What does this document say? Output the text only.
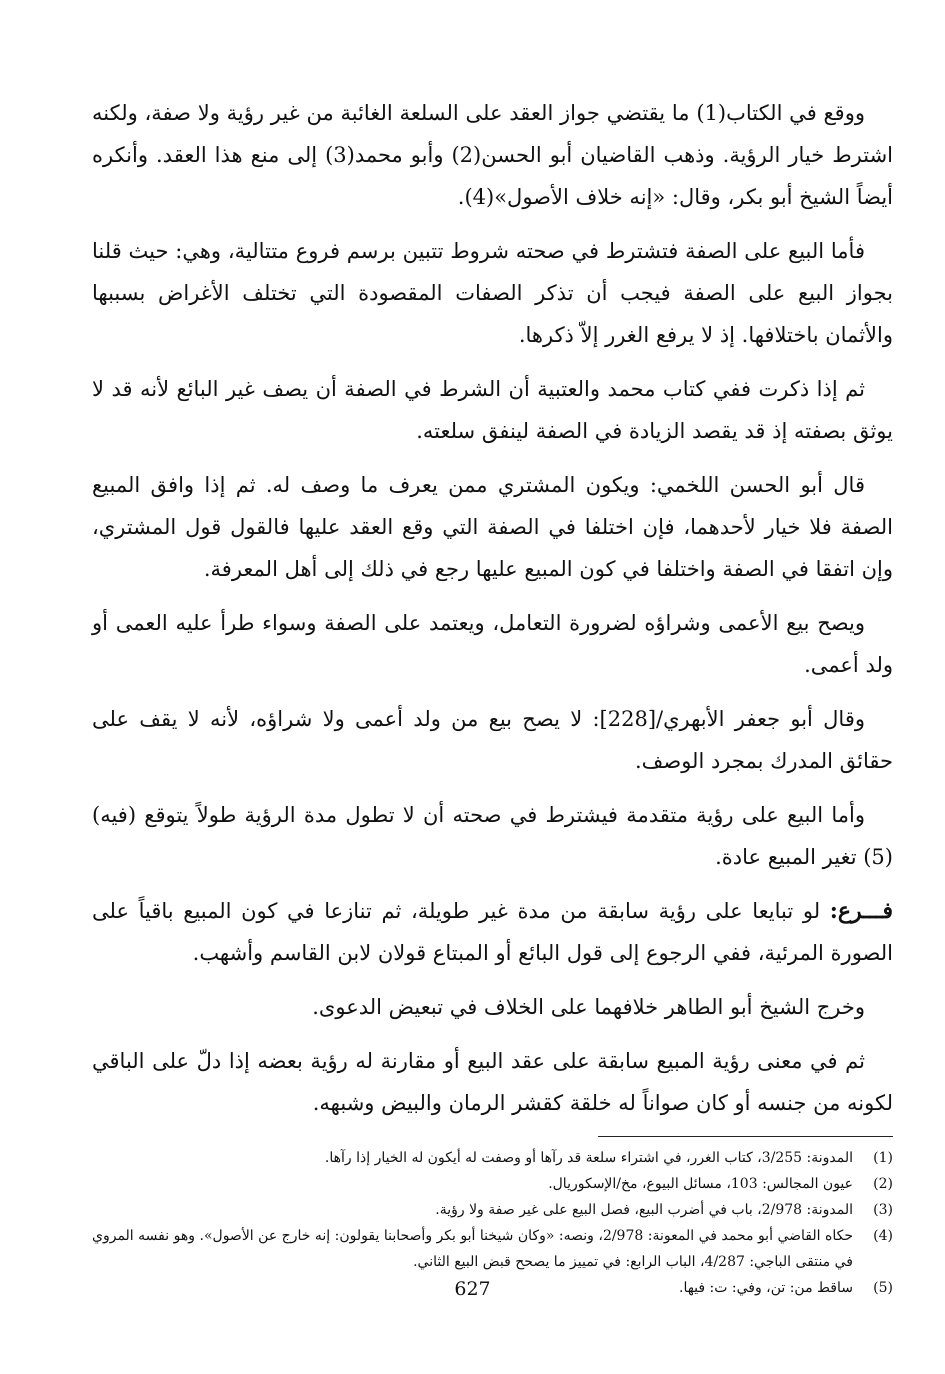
ووقع في الكتاب(1) ما يقتضي جواز العقد على السلعة الغائبة من غير رؤية ولا صفة، ولكنه اشترط خيار الرؤية. وذهب القاضيان أبو الحسن(2) وأبو محمد(3) إلى منع هذا العقد. وأنكره أيضاً الشيخ أبو بكر، وقال: «إنه خلاف الأصول»(4).

فأما البيع على الصفة فتشترط في صحته شروط تتبين برسم فروع متتالية، وهي: حيث قلنا بجواز البيع على الصفة فيجب أن تذكر الصفات المقصودة التي تختلف الأغراض بسببها والأثمان باختلافها. إذ لا يرفع الغرر إلاّ ذكرها.

ثم إذا ذكرت ففي كتاب محمد والعتبية أن الشرط في الصفة أن يصف غير البائع لأنه قد لا يوثق بصفته إذ قد يقصد الزيادة في الصفة لينفق سلعته.

قال أبو الحسن اللخمي: ويكون المشتري ممن يعرف ما وصف له. ثم إذا وافق المبيع الصفة فلا خيار لأحدهما، فإن اختلفا في الصفة التي وقع العقد عليها فالقول قول المشتري، وإن اتفقا في الصفة واختلفا في كون المبيع عليها رجع في ذلك إلى أهل المعرفة.

ويصح بيع الأعمى وشراؤه لضرورة التعامل، ويعتمد على الصفة وسواء طرأ عليه العمى أو ولد أعمى.

وقال أبو جعفر الأبهري/[228]: لا يصح بيع من ولد أعمى ولا شراؤه، لأنه لا يقف على حقائق المدرك بمجرد الوصف.

وأما البيع على رؤية متقدمة فيشترط في صحته أن لا تطول مدة الرؤية طولاً يتوقع (فيه)(5) تغير المبيع عادة.

فـــرع: لو تبايعا على رؤية سابقة من مدة غير طويلة، ثم تنازعا في كون المبيع باقياً على الصورة المرئية، ففي الرجوع إلى قول البائع أو المبتاع قولان لابن القاسم وأشهب.

وخرج الشيخ أبو الطاهر خلافهما على الخلاف في تبعيض الدعوى.

ثم في معنى رؤية المبيع سابقة على عقد البيع أو مقارنة له رؤية بعضه إذا دلّ على الباقي لكونه من جنسه أو كان صواناً له خلقة كقشر الرمان والبيض وشبهه.

(1)
المدونة: 3/255، كتاب الغرر، في اشتراء سلعة قد رآها أو وصفت له أيكون له الخيار إذا رآها.
(2)
عيون المجالس: 103، مسائل البيوع، مخ/الإسكوريال.
(3)
المدونة: 2/978، باب في أضرب البيع، فصل البيع على غير صفة ولا رؤية.
(4)
حكاه القاضي أبو محمد في المعونة: 2/978، ونصه: «وكان شيخنا أبو بكر وأصحابنا يقولون: إنه خارج عن الأصول». وهو نفسه المروي في منتقى الباجي: 4/287، الباب الرابع: في تمييز ما يصحح قبض البيع الثاني.
(5)
ساقط من: تن، وفي: ت: فيها.
627
